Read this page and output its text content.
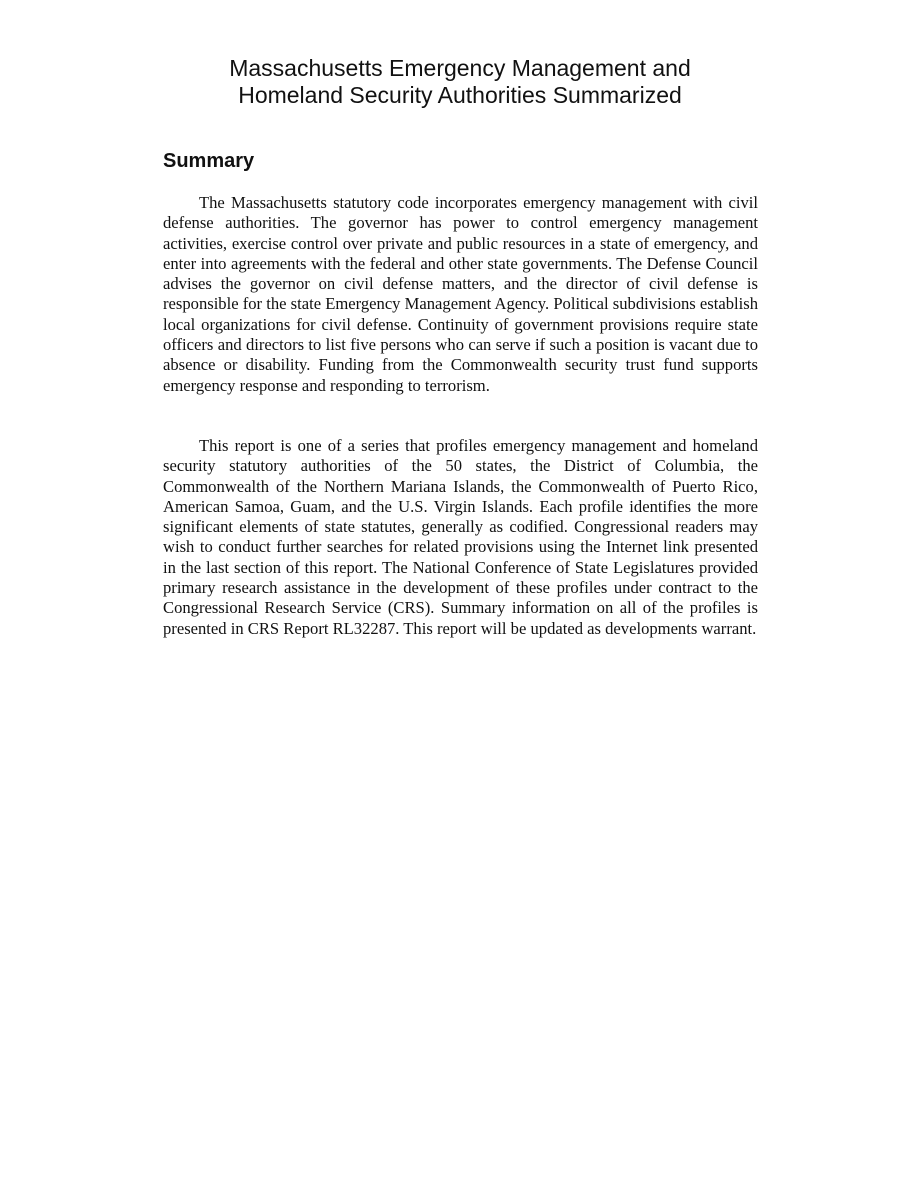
Massachusetts Emergency Management and
Homeland Security Authorities Summarized
Summary

The Massachusetts statutory code incorporates emergency management with civil defense authorities. The governor has power to control emergency management activities, exercise control over private and public resources in a state of emergency, and enter into agreements with the federal and other state governments. The Defense Council advises the governor on civil defense matters, and the director of civil defense is responsible for the state Emergency Management Agency. Political subdivisions establish local organizations for civil defense. Continuity of government provisions require state officers and directors to list five persons who can serve if such a position is vacant due to absence or disability. Funding from the Commonwealth security trust fund supports emergency response and responding to terrorism.

This report is one of a series that profiles emergency management and homeland security statutory authorities of the 50 states, the District of Columbia, the Commonwealth of the Northern Mariana Islands, the Commonwealth of Puerto Rico, American Samoa, Guam, and the U.S. Virgin Islands. Each profile identifies the more significant elements of state statutes, generally as codified. Congressional readers may wish to conduct further searches for related provisions using the Internet link presented in the last section of this report. The National Conference of State Legislatures provided primary research assistance in the development of these profiles under contract to the Congressional Research Service (CRS). Summary information on all of the profiles is presented in CRS Report RL32287. This report will be updated as developments warrant.
